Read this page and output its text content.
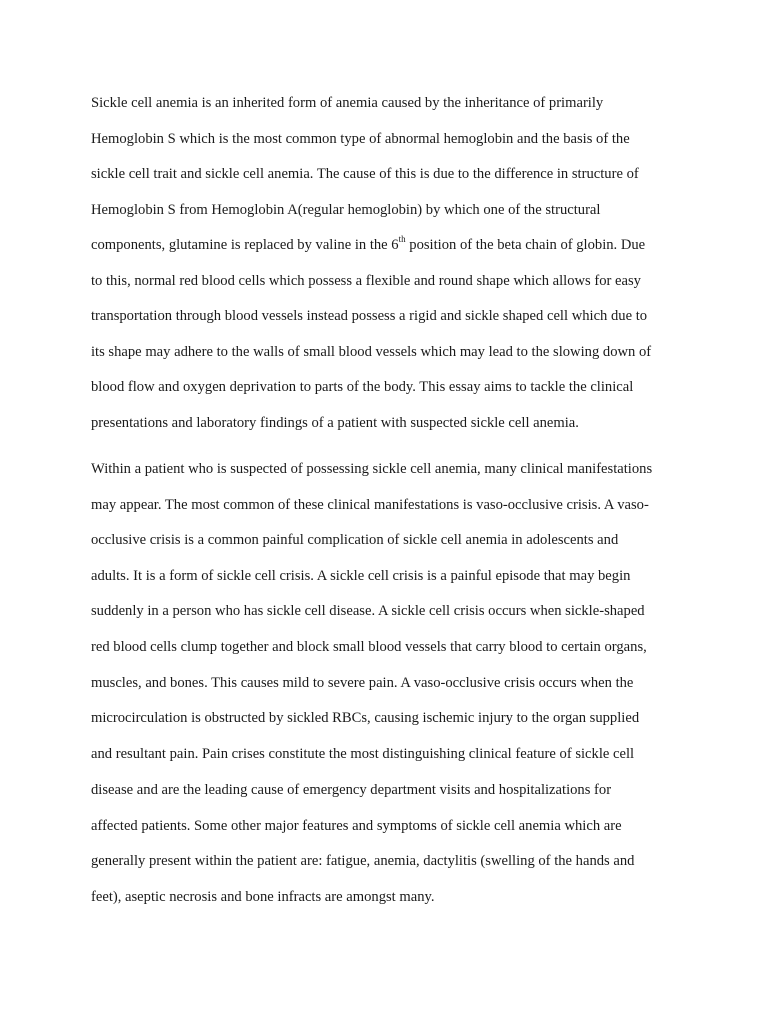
Sickle cell anemia is an inherited form of anemia caused by the inheritance of primarily

Hemoglobin S which is the most common type of abnormal hemoglobin and the basis of the

sickle cell trait and sickle cell anemia. The cause of this is due to the difference in structure of

Hemoglobin S from Hemoglobin A(regular hemoglobin) by which one of the structural

components, glutamine is replaced by valine in the 6th position of the beta chain of globin. Due

to this, normal red blood cells which possess a flexible and round shape which allows for easy

transportation through blood vessels instead possess a rigid and sickle shaped cell which due to

its shape may adhere to the walls of small blood vessels which may lead to the slowing down of

blood flow and oxygen deprivation to parts of the body. This essay aims to tackle the clinical

presentations and laboratory findings of a patient with suspected sickle cell anemia.

Within a patient who is suspected of possessing sickle cell anemia, many clinical manifestations

may appear. The most common of these clinical manifestations is vaso-occlusive crisis. A vaso-

occlusive crisis is a common painful complication of sickle cell anemia in adolescents and

adults. It is a form of sickle cell crisis. A sickle cell crisis is a painful episode that may begin

suddenly in a person who has sickle cell disease. A sickle cell crisis occurs when sickle-shaped

red blood cells clump together and block small blood vessels that carry blood to certain organs,

muscles, and bones. This causes mild to severe pain. A vaso-occlusive crisis occurs when the

microcirculation is obstructed by sickled RBCs, causing ischemic injury to the organ supplied

and resultant pain. Pain crises constitute the most distinguishing clinical feature of sickle cell

disease and are the leading cause of emergency department visits and hospitalizations for

affected patients. Some other major features and symptoms of sickle cell anemia which are

generally present within the patient are: fatigue, anemia, dactylitis (swelling of the hands and

feet), aseptic necrosis and bone infracts are amongst many.
